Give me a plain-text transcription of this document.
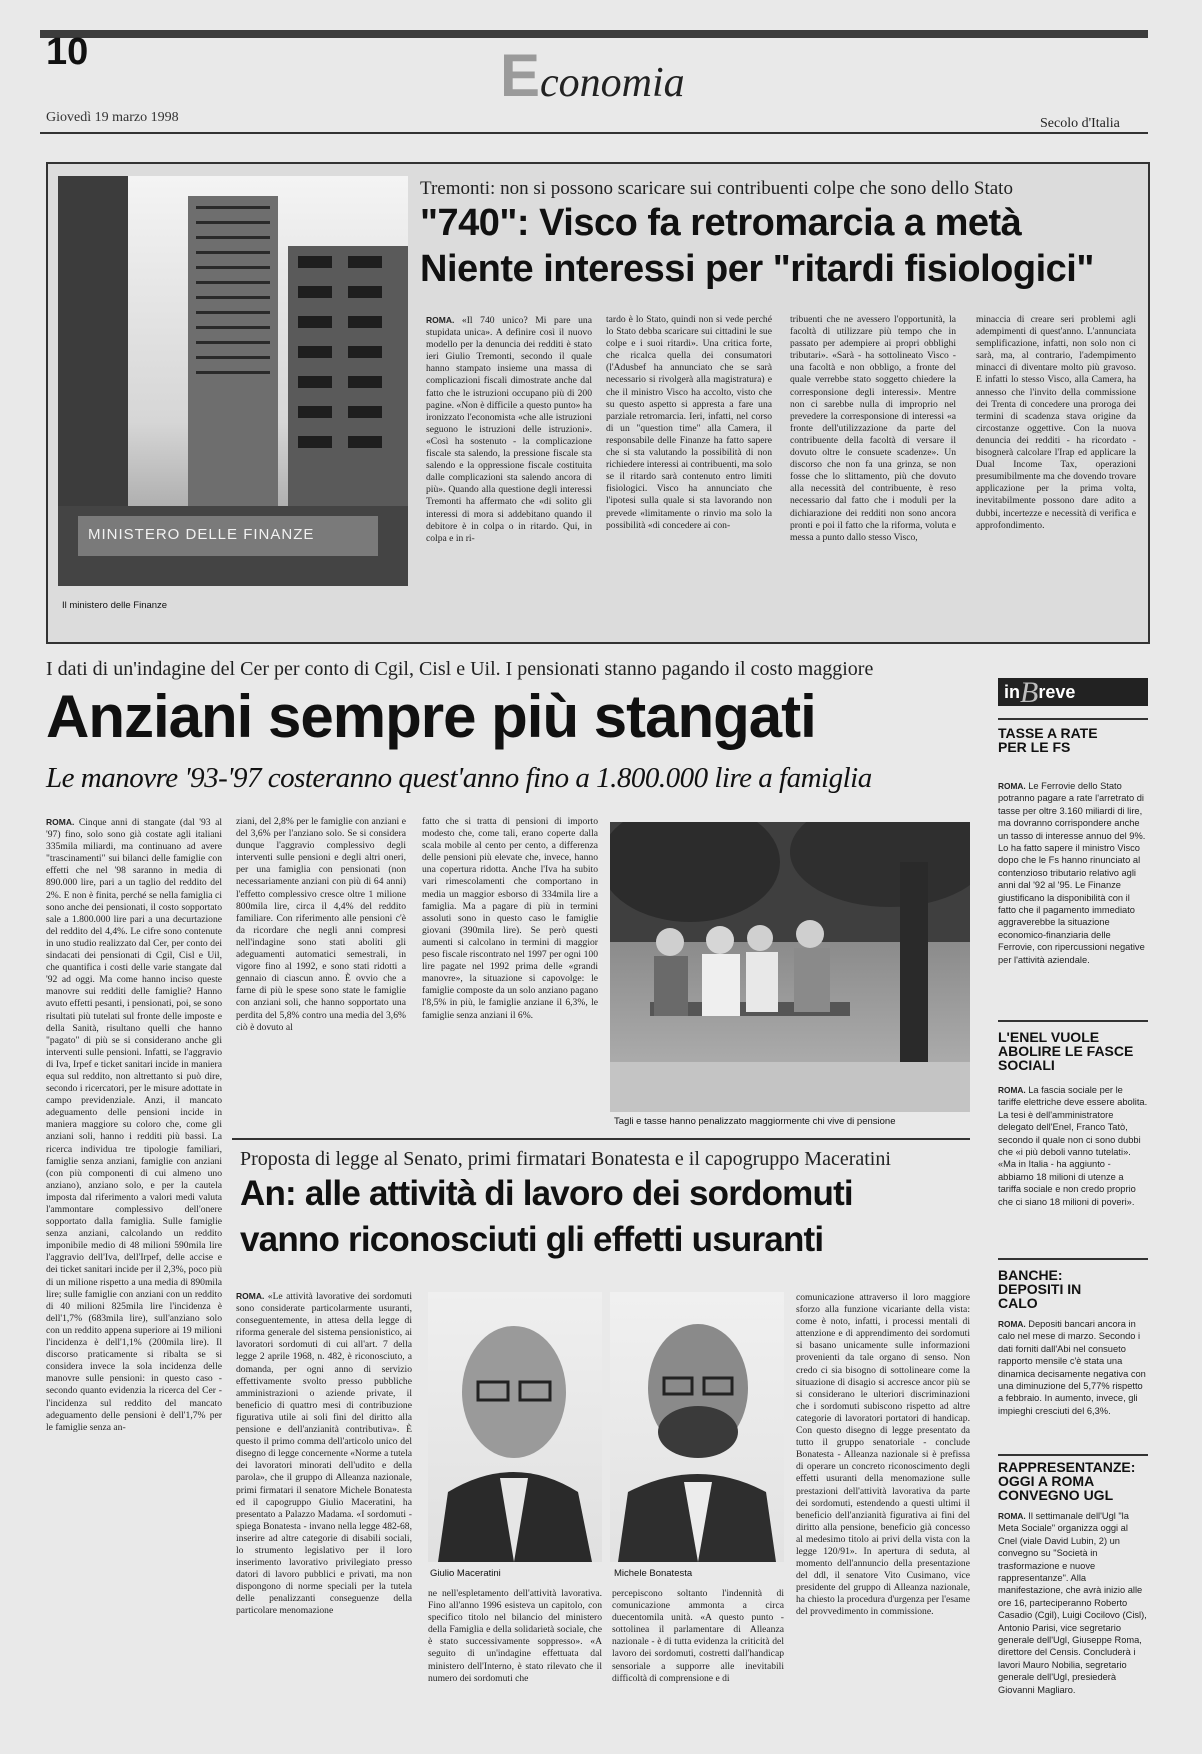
10	Economia
Giovedì 19 marzo 1998	Secolo d'Italia
MINISTERO DELLE FINANZE
Il ministero delle Finanze
Tremonti: non si possono scaricare sui contribuenti colpe che sono dello Stato
"740": Visco fa retromarcia a metà
Niente interessi per "ritardi fisiologici"
ROMA. «Il 740 unico? Mi pare una stupidata unica». A definire così il nuovo modello per la denuncia dei redditi è stato ieri Giulio Tremonti, secondo il quale hanno stampato insieme una massa di complicazioni fiscali dimostrate anche dal fatto che le istruzioni occupano più di 200 pagine. «Non è difficile a questo punto» ha ironizzato l'economista «che alle istruzioni seguono le istruzioni delle istruzioni». «Così ha sostenuto - la complicazione fiscale sta salendo, la pressione fiscale sta salendo e la oppressione fiscale costituita dalle complicazioni sta salendo ancora di più». Quando alla questione degli interessi Tremonti ha affermato che «di solito gli interessi di mora si addebitano quando il debitore è in colpa o in ritardo. Qui, in colpa e in ri-
tardo è lo Stato, quindi non si vede perché lo Stato debba scaricare sui cittadini le sue colpe e i suoi ritardi». Una critica forte, che ricalca quella dei consumatori (l'Adusbef ha annunciato che se sarà necessario si rivolgerà alla magistratura) e che il ministro Visco ha accolto, visto che su questo aspetto si appresta a fare una parziale retromarcia. Ieri, infatti, nel corso di un "question time" alla Camera, il responsabile delle Finanze ha fatto sapere che si sta valutando la possibilità di non richiedere interessi ai contribuenti, ma solo se il ritardo sarà contenuto entro limiti fisiologici. Visco ha annunciato che l'ipotesi sulla quale si sta lavorando non prevede «limitamente o rinvio ma solo la possibilità «di concedere ai con-
tribuenti che ne avessero l'opportunità, la facoltà di utilizzare più tempo che in passato per adempiere ai propri obblighi tributari». «Sarà - ha sottolineato Visco - una facoltà e non obbligo, a fronte del quale verrebbe stato soggetto chiedere la corresponsione degli interessi». Mentre non ci sarebbe nulla di improprio nel prevedere la corresponsione di interessi «a fronte dell'utilizzazione da parte del contribuente della facoltà di versare il dovuto oltre le consuete scadenze». Un discorso che non fa una grinza, se non fosse che lo slittamento, più che dovuto alla necessità del contribuente, è reso necessario dal fatto che i moduli per la dichiarazione dei redditi non sono ancora pronti e poi il fatto che la riforma, voluta e messa a punto dallo stesso Visco,
minaccia di creare seri problemi agli adempimenti di quest'anno. L'annunciata semplificazione, infatti, non solo non ci sarà, ma, al contrario, l'adempimento minacci di diventare molto più gravoso. E infatti lo stesso Visco, alla Camera, ha annesso che l'invito della commissione dei Trenta di concedere una proroga dei termini di scadenza stava origine da circostanze oggettive. Con la nuova denuncia dei redditi - ha ricordato - bisognerà calcolare l'Irap ed applicare la Dual Income Tax, operazioni presumibilmente ma che dovendo trovare applicazione per la prima volta, inevitabilmente possono dare adito a dubbi, incertezze e necessità di verifica e approfondimento.
I dati di un'indagine del Cer per conto di Cgil, Cisl e Uil. I pensionati stanno pagando il costo maggiore
Anziani sempre più stangati
Le manovre '93-'97 costeranno quest'anno fino a 1.800.000 lire a famiglia
ROMA. Cinque anni di stangate (dal '93 al '97) fino, solo sono già costate agli italiani 335mila miliardi, ma continuano ad avere "trascinamenti" sui bilanci delle famiglie con effetti che nel '98 saranno in media di 890.000 lire, pari a un taglio del reddito del 2%. E non è finita, perché se nella famiglia ci sono anche dei pensionati, il costo sopportato sale a 1.800.000 lire pari a una decurtazione del reddito del 4,4%. Le cifre sono contenute in uno studio realizzato dal Cer, per conto dei sindacati dei pensionati di Cgil, Cisl e Uil, che quantifica i costi delle varie stangate dal '92 ad oggi. Ma come hanno inciso queste manovre sui redditi delle famiglie? Hanno avuto effetti pesanti, i pensionati, poi, se sono risultati più tutelati sul fronte delle imposte e della Sanità, risultano quelli che hanno "pagato" di più se si considerano anche gli interventi sulle pensioni. Infatti, se l'aggravio di Iva, Irpef e ticket sanitari incide in maniera equa sul reddito, non altrettanto si può dire, secondo i ricercatori, per le misure adottate in campo previdenziale. Anzi, il mancato adeguamento delle pensioni incide in maniera maggiore su coloro che, come gli anziani soli, hanno i redditi più bassi. La ricerca individua tre tipologie familiari, famiglie senza anziani, famiglie con anziani (con più componenti di cui almeno uno anziano), anziano solo, e per la cautela imposta dal riferimento a valori medi valuta l'ammontare complessivo dell'onere sopportato dalla famiglia. Sulle famiglie senza anziani, calcolando un reddito imponibile medio di 48 milioni 590mila lire l'aggravio dell'Iva, dell'Irpef, delle accise e dei ticket sanitari incide per il 2,3%, poco più di un milione rispetto a una media di 890mila lire; sulle famiglie con anziani con un reddito di 40 milioni 825mila lire l'incidenza è dell'1,7% (683mila lire), sull'anziano solo con un reddito appena superiore ai 19 milioni l'incidenza è dell'1,1% (200mila lire). Il discorso praticamente si ribalta se si considera invece la sola incidenza delle manovre sulle pensioni: in questo caso - secondo quanto evidenzia la ricerca del Cer - l'incidenza sul reddito del mancato adeguamento delle pensioni è dell'1,7% per le famiglie senza an-
ziani, del 2,8% per le famiglie con anziani e del 3,6% per l'anziano solo. Se si considera dunque l'aggravio complessivo degli interventi sulle pensioni e degli altri oneri, per una famiglia con pensionati (non necessariamente anziani con più di 64 anni) l'effetto complessivo cresce oltre 1 milione 800mila lire, circa il 4,4% del reddito familiare. Con riferimento alle pensioni c'è da ricordare che negli anni compresi nell'indagine sono stati aboliti gli adeguamenti automatici semestrali, in vigore fino al 1992, e sono stati ridotti a gennaio di ciascun anno. È ovvio che a farne di più le spese sono state le famiglie con anziani soli, che hanno sopportato una perdita del 5,8% contro una media del 3,6% ciò è dovuto al
fatto che si tratta di pensioni di importo modesto che, come tali, erano coperte dalla scala mobile al cento per cento, a differenza delle pensioni più elevate che, invece, hanno una copertura ridotta. Anche l'Iva ha subito vari rimescolamenti che comportano in media un maggior esborso di 334mila lire a famiglia. Ma a pagare di più in termini assoluti sono in questo caso le famiglie giovani (390mila lire). Se però questi aumenti si calcolano in termini di maggior peso fiscale riscontrato nel 1997 per ogni 100 lire pagate nel 1992 prima delle «grandi manovre», la situazione si capovolge: le famiglie composte da un solo anziano pagano l'8,5% in più, le famiglie anziane il 6,3%, le famiglie senza anziani il 6%.
Tagli e tasse hanno penalizzato maggiormente chi vive di pensione
Proposta di legge al Senato, primi firmatari Bonatesta e il capogruppo Maceratini
An: alle attività di lavoro dei sordomuti
vanno riconosciuti gli effetti usuranti
ROMA. «Le attività lavorative dei sordomuti sono considerate particolarmente usuranti, conseguentemente, in attesa della legge di riforma generale del sistema pensionistico, ai lavoratori sordomuti di cui all'art. 7 della legge 2 aprile 1968, n. 482, è riconosciuto, a domanda, per ogni anno di servizio effettivamente svolto presso pubbliche amministrazioni o aziende private, il beneficio di quattro mesi di contribuzione figurativa utile ai soli fini del diritto alla pensione e dell'anzianità contributiva». È questo il primo comma dell'articolo unico del disegno di legge concernente «Norme a tutela dei lavoratori minorati dell'udito e della parola», che il gruppo di Alleanza nazionale, primi firmatari il senatore Michele Bonatesta ed il capogruppo Giulio Maceratini, ha presentato a Palazzo Madama. «I sordomuti - spiega Bonatesta - invano nella legge 482-68, inserire ad altre categorie di disabili sociali, lo strumento legislativo per il loro inserimento lavorativo privilegiato presso datori di lavoro pubblici e privati, ma non dispongono di norme speciali per la tutela delle penalizzanti conseguenze della particolare menomazione
Giulio Maceratini	Michele Bonatesta
ne nell'espletamento dell'attività lavorativa. Fino all'anno 1996 esisteva un capitolo, con specifico titolo nel bilancio del ministero della Famiglia e della solidarietà sociale, che è stato successivamente soppresso». «A seguito di un'indagine effettuata dal ministero dell'Interno, è stato rilevato che il numero dei sordomuti che
percepiscono soltanto l'indennità di comunicazione ammonta a circa duecentomila unità. «A questo punto - sottolinea il parlamentare di Alleanza nazionale - è di tutta evidenza la criticità del lavoro dei sordomuti, costretti dall'handicap sensoriale a supporre alle inevitabili difficoltà di comprensione e di
comunicazione attraverso il loro maggiore sforzo alla funzione vicariante della vista: come è noto, infatti, i processi mentali di attenzione e di apprendimento dei sordomuti si basano unicamente sulle informazioni provenienti da tale organo di senso. Non credo ci sia bisogno di sottolineare come la situazione di disagio si accresce ancor più se si considerano le ulteriori discriminazioni che i sordomuti subiscono rispetto ad altre categorie di lavoratori portatori di handicap. Con questo disegno di legge presentato da tutto il gruppo senatoriale - conclude Bonatesta - Alleanza nazionale si è prefissa di operare un concreto riconoscimento degli effetti usuranti della menomazione sulle prestazioni dell'attività lavorativa da parte dei sordomuti, estendendo a questi ultimi il beneficio dell'anzianità figurativa ai fini del diritto alla pensione, beneficio già concesso al medesimo titolo ai privi della vista con la legge 120/91». In apertura di seduta, al momento dell'annuncio della presentazione del ddl, il senatore Vito Cusimano, vice presidente del gruppo di Alleanza nazionale, ha chiesto la procedura d'urgenza per l'esame del provvedimento in commissione.
inBreve
TASSE A RATE PER LE FS
ROMA. Le Ferrovie dello Stato potranno pagare a rate l'arretrato di tasse per oltre 3.160 miliardi di lire, ma dovranno corrispondere anche un tasso di interesse annuo del 9%. Lo ha fatto sapere il ministro Visco dopo che le Fs hanno rinunciato al contenzioso tributario relativo agli anni dal '92 al '95. Le Finanze giustificano la disponibilità con il fatto che il pagamento immediato aggraverebbe la situazione economico-finanziaria delle Ferrovie, con ripercussioni negative per l'attività aziendale.
L'ENEL VUOLE ABOLIRE LE FASCE SOCIALI
ROMA. La fascia sociale per le tariffe elettriche deve essere abolita. La tesi è dell'amministratore delegato dell'Enel, Franco Tatò, secondo il quale non ci sono dubbi che «i più deboli vanno tutelati». «Ma in Italia - ha aggiunto - abbiamo 18 milioni di utenze a tariffa sociale e non credo proprio che ci siano 18 milioni di poveri».
BANCHE: DEPOSITI IN CALO
ROMA. Depositi bancari ancora in calo nel mese di marzo. Secondo i dati forniti dall'Abi nel consueto rapporto mensile c'è stata una dinamica decisamente negativa con una diminuzione del 5,77% rispetto a febbraio. In aumento, invece, gli impieghi cresciuti del 6,3%.
RAPPRESENTANZE: OGGI A ROMA CONVEGNO UGL
ROMA. Il settimanale dell'Ugl "la Meta Sociale" organizza oggi al Cnel (viale David Lubin, 2) un convegno su "Società in trasformazione e nuove rappresentanze". Alla manifestazione, che avrà inizio alle ore 16, parteciperanno Roberto Casadio (Cgil), Luigi Cocilovo (Cisl), Antonio Parisi, vice segretario generale dell'Ugl, Giuseppe Roma, direttore del Censis. Concluderà i lavori Mauro Nobilia, segretario generale dell'Ugl, presiederà Giovanni Magliaro.
